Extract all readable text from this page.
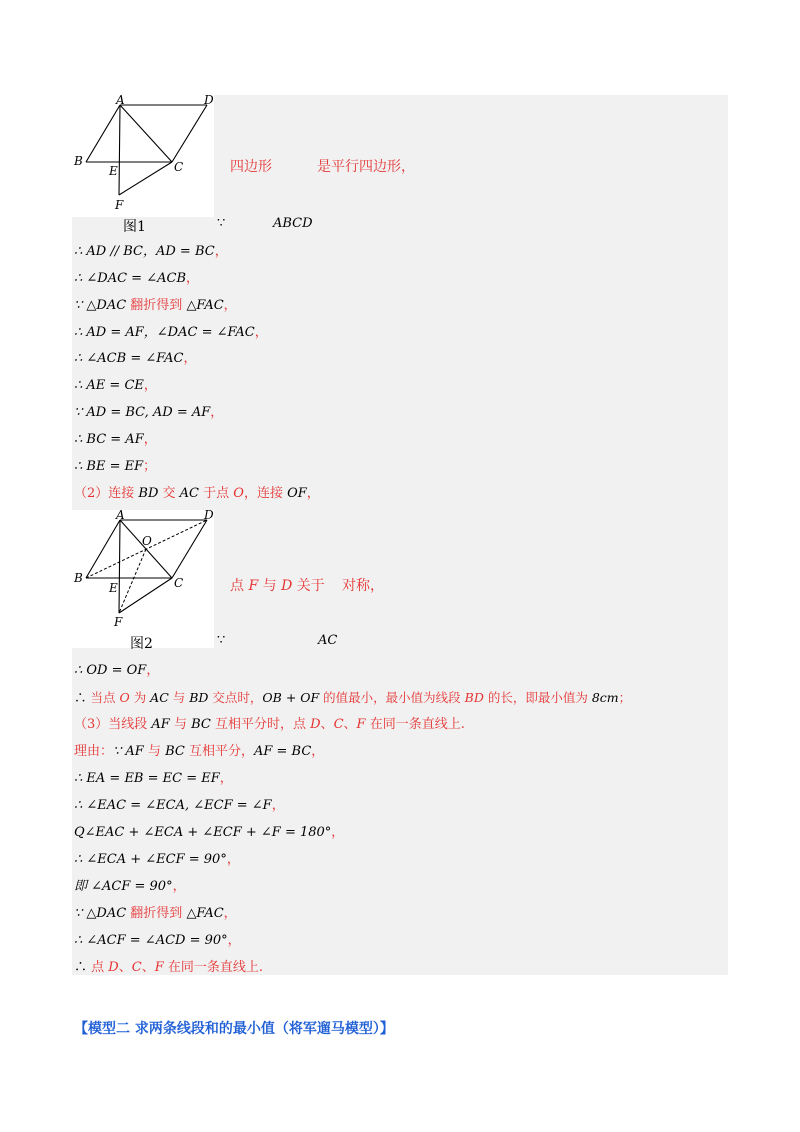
A	D
B
E	C
F
四边形	是平行四边形，
图1	∵	ABCD
∴ AD // BC，AD = BC，
∴ ∠DAC = ∠ACB，
∵ △DAC 翻折得到 △FAC，
∴ AD = AF，∠DAC = ∠FAC，
∴ ∠ACB = ∠FAC，
∴ AE = CE，
∵ AD = BC, AD = AF，
∴ BC = AF，
∴ BE = EF；
（2）连接 BD 交 AC 于点 O，连接 OF，
A	D
O
B
E	C
F
点 F 与 D 关于 对称，
图2	∵	AC
∴ OD = OF，
∴ 当点 O 为 AC 与 BD 交点时，OB + OF 的值最小，最小值为线段 BD 的长，即最小值为 8cm；
（3）当线段 AF 与 BC 互相平分时，点 D、C、F 在同一条直线上.
理由：∵ AF 与 BC 互相平分，AF = BC，
∴ EA = EB = EC = EF，
∴ ∠EAC = ∠ECA, ∠ECF = ∠F，
Q∠EAC + ∠ECA + ∠ECF + ∠F = 180°，
∴ ∠ECA + ∠ECF = 90°，
即 ∠ACF = 90°，
∵ △DAC 翻折得到 △FAC，
∴ ∠ACF = ∠ACD = 90°，
∴ 点 D、C、F 在同一条直线上.
【模型二 求两条线段和的最小值（将军遛马模型）】
